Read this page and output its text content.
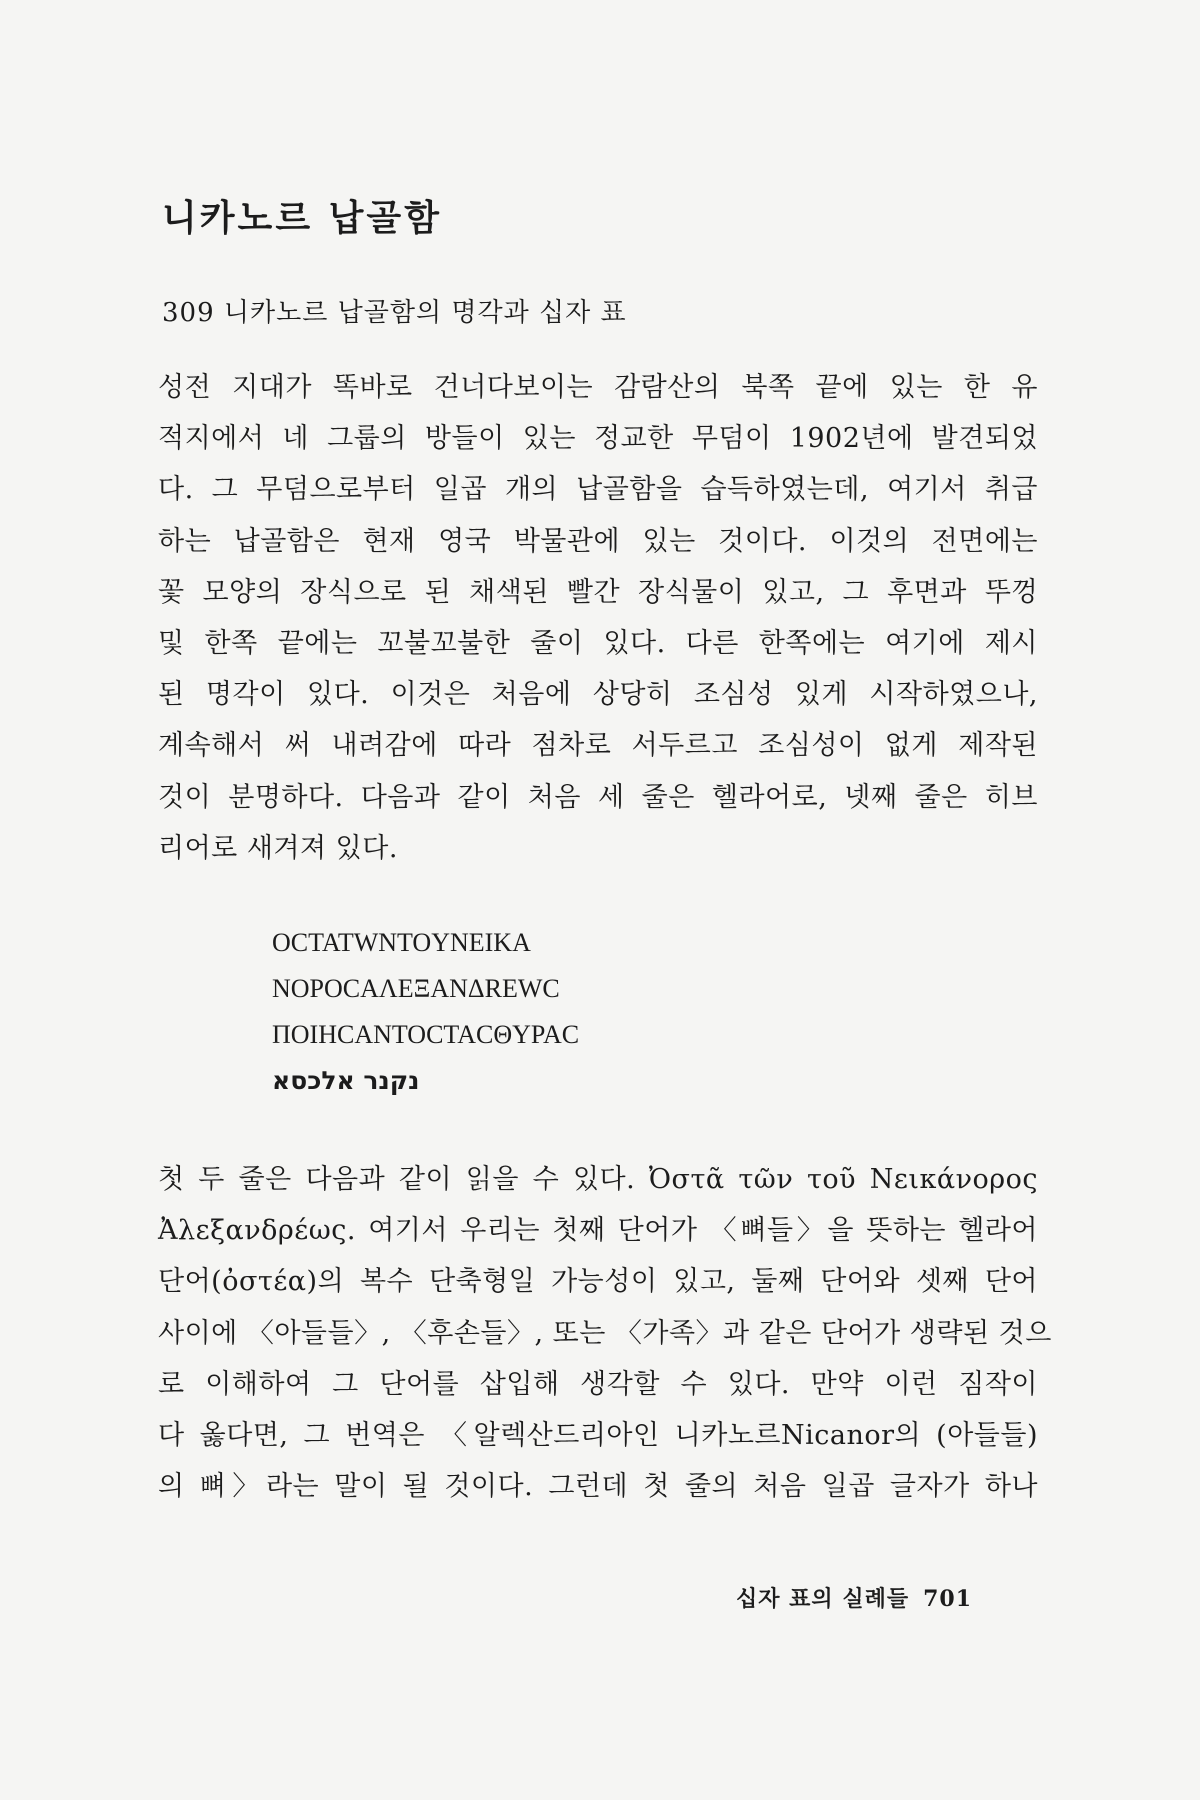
니카노르 납골함

309 니카노르 납골함의 명각과 십자 표

성전 지대가 똑바로 건너다보이는 감람산의 북쪽 끝에 있는 한 유
적지에서 네 그룹의 방들이 있는 정교한 무덤이 1902년에 발견되었
다. 그 무덤으로부터 일곱 개의 납골함을 습득하였는데, 여기서 취급
하는 납골함은 현재 영국 박물관에 있는 것이다. 이것의 전면에는
꽃 모양의 장식으로 된 채색된 빨간 장식물이 있고, 그 후면과 뚜껑
및 한쪽 끝에는 꼬불꼬불한 줄이 있다. 다른 한쪽에는 여기에 제시
된 명각이 있다. 이것은 처음에 상당히 조심성 있게 시작하였으나,
계속해서 써 내려감에 따라 점차로 서두르고 조심성이 없게 제작된
것이 분명하다. 다음과 같이 처음 세 줄은 헬라어로, 넷째 줄은 히브
리어로 새겨져 있다.
OCTATWNTOYNEIKA
NOPOCAΛEΞANΔREWC
ΠOIHCANTOCTACΘYPAC
נקנר אלכסא
첫 두 줄은 다음과 같이 읽을 수 있다. Ὀστᾶ τῶν τοῦ Νεικάνορος
Ἀλεξανδρέως. 여기서 우리는 첫째 단어가 〈뼈들〉을 뜻하는 헬라어
단어(ὀστέα)의 복수 단축형일 가능성이 있고, 둘째 단어와 셋째 단어
사이에 〈아들들〉, 〈후손들〉, 또는 〈가족〉과 같은 단어가 생략된 것으
로 이해하여 그 단어를 삽입해 생각할 수 있다. 만약 이런 짐작이
다 옳다면, 그 번역은 〈알렉산드리아인 니카노르Nicanor의 (아들들)
의 뼈〉라는 말이 될 것이다. 그런데 첫 줄의 처음 일곱 글자가 하나

십자 표의 실례들 701
